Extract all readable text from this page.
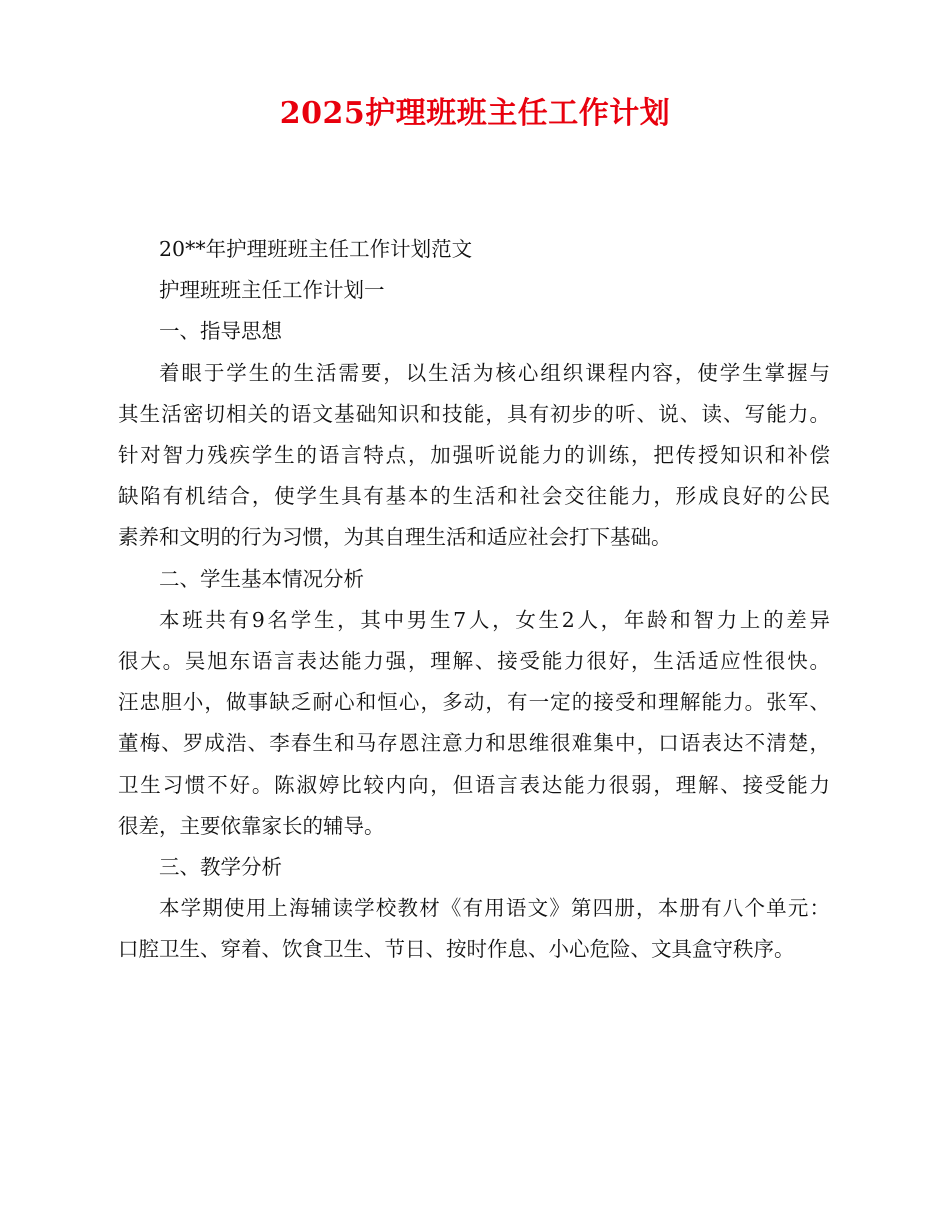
2025护理班班主任工作计划
20**年护理班班主任工作计划范文
护理班班主任工作计划一
一、指导思想
着眼于学生的生活需要，以生活为核心组织课程内容，使学生掌握与
其生活密切相关的语文基础知识和技能，具有初步的听、说、读、写能力。
针对智力残疾学生的语言特点，加强听说能力的训练，把传授知识和补偿
缺陷有机结合，使学生具有基本的生活和社会交往能力，形成良好的公民
素养和文明的行为习惯，为其自理生活和适应社会打下基础。
二、学生基本情况分析
本班共有9名学生，其中男生7人，女生2人，年龄和智力上的差异
很大。吴旭东语言表达能力强，理解、接受能力很好，生活适应性很快。
汪忠胆小，做事缺乏耐心和恒心，多动，有一定的接受和理解能力。张军、
董梅、罗成浩、李春生和马存恩注意力和思维很难集中，口语表达不清楚，
卫生习惯不好。陈淑婷比较内向，但语言表达能力很弱，理解、接受能力
很差，主要依靠家长的辅导。
三、教学分析
本学期使用上海辅读学校教材《有用语文》第四册，本册有八个单元：
口腔卫生、穿着、饮食卫生、节日、按时作息、小心危险、文具盒守秩序。
